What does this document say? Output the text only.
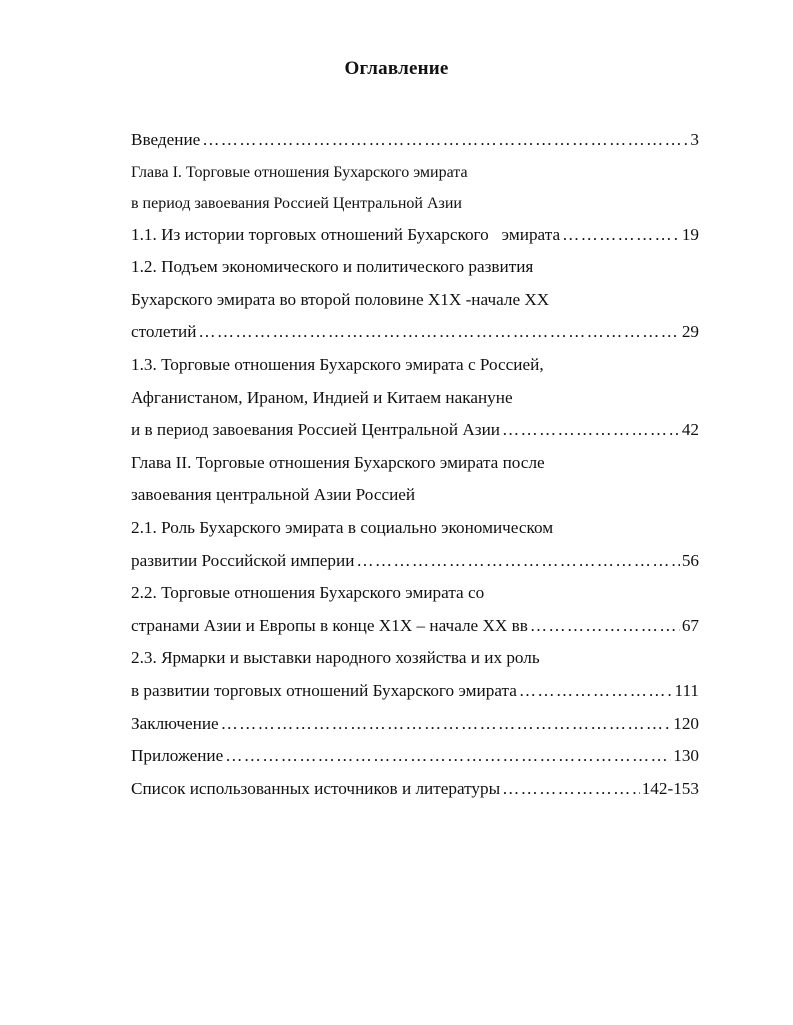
Оглавление
Введение ………………………………………………………………………………………………………………………………………………………………	3
Глава I. Торговые отношения Бухарского эмирата
в период завоевания Россией Центральной Азии
1.1. Из истории торговых отношений Бухарского   эмирата ………………………………………………………………………………………………………………………………………………………………	19
1.2. Подъем экономического и политического развития
Бухарского эмирата во второй половине Х1Х -начале ХХ
столетий ………………………………………………………………………………………………………………………………………………………………	29
1.3. Торговые отношения Бухарского эмирата с Россией,
Афганистаном, Ираном, Индией и Китаем накануне
и в период завоевания Россией Центральной Азии ………………………………………………………………………………………………………………………………………………………………	42
Глава II. Торговые отношения Бухарского эмирата после
завоевания центральной Азии Россией
2.1. Роль Бухарского эмирата в социально экономическом
развитии Российской империи ………………………………………………………………………………………………………………………………………………………………	56
2.2. Торговые отношения Бухарского эмирата со
странами Азии и Европы в конце Х1Х – начале ХХ вв ………………………………………………………………………………………………………………………………………………………………	67
2.3. Ярмарки и выставки народного хозяйства и их роль
в развитии торговых отношений Бухарского эмирата ………………………………………………………………………………………………………………………………………………………………	111
Заключение ………………………………………………………………………………………………………………………………………………………………	120
Приложение ………………………………………………………………………………………………………………………………………………………………	130
Список использованных источников и литературы ………………………………………………………………………………………………………………………………………………………………	142-153
